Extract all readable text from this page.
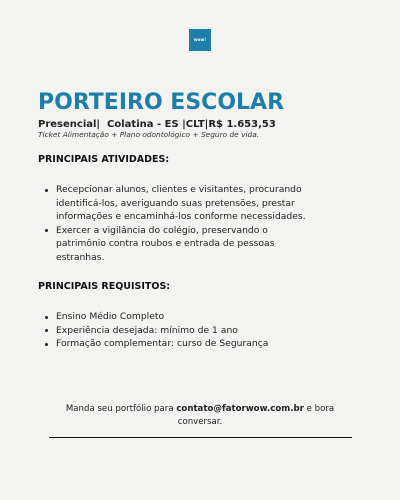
wow!
PORTEIRO ESCOLAR
Presencial|  Colatina - ES |CLT|R$ 1.653,53
Ticket Alimentação + Plano odontológico + Seguro de vida.
PRINCIPAIS ATIVIDADES:
Recepcionar alunos, clientes e visitantes, procurando identificá-los, averiguando suas pretensões, prestar informações e encaminhá-los conforme necessidades.
Exercer a vigilância do colégio, preservando o patrimônio contra roubos e entrada de pessoas estranhas.
PRINCIPAIS REQUISITOS:
Ensino Médio Completo
Experiência desejada: mínimo de 1 ano
Formação complementar: curso de Segurança
Manda seu portfólio para contato@fatorwow.com.br e bora conversar.
